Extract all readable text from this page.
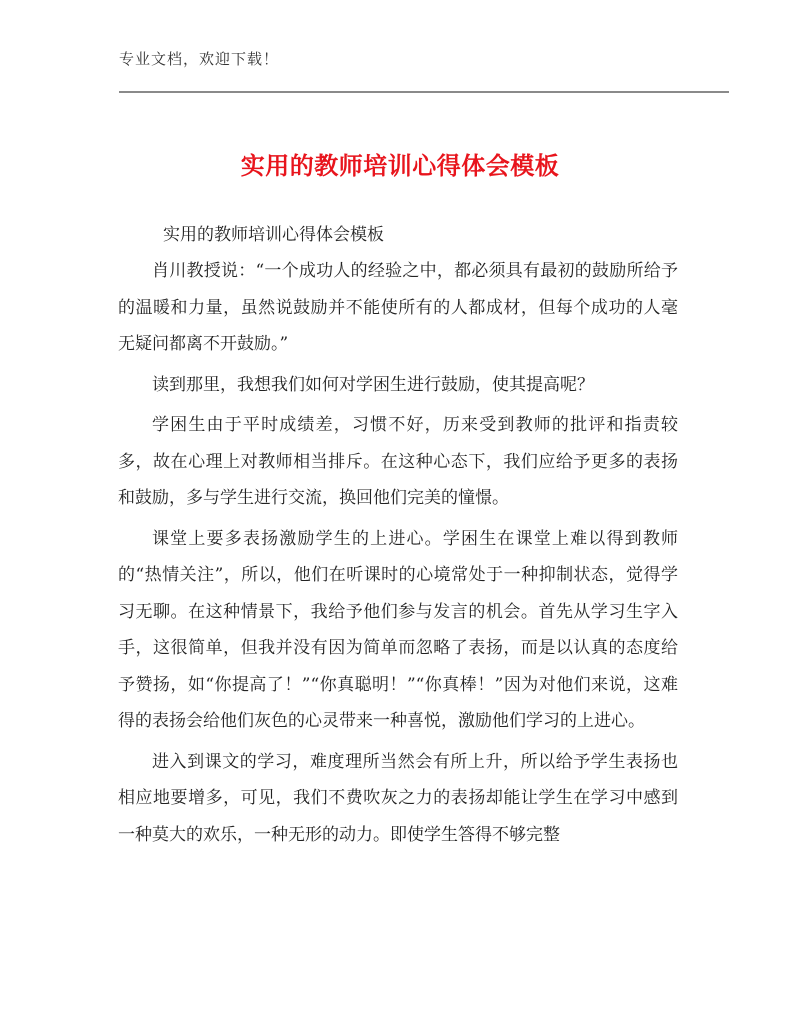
专业文档，欢迎下载！
实用的教师培训心得体会模板
实用的教师培训心得体会模板

肖川教授说：“一个成功人的经验之中，都必须具有最初的鼓励所给予的温暖和力量，虽然说鼓励并不能使所有的人都成材，但每个成功的人毫无疑问都离不开鼓励。”

读到那里，我想我们如何对学困生进行鼓励，使其提高呢？

学困生由于平时成绩差，习惯不好，历来受到教师的批评和指责较多，故在心理上对教师相当排斥。在这种心态下，我们应给予更多的表扬和鼓励，多与学生进行交流，换回他们完美的憧憬。

课堂上要多表扬激励学生的上进心。学困生在课堂上难以得到教师的“热情关注”，所以，他们在听课时的心境常处于一种抑制状态，觉得学习无聊。在这种情景下，我给予他们参与发言的机会。首先从学习生字入手，这很简单，但我并没有因为简单而忽略了表扬，而是以认真的态度给予赞扬，如“你提高了！”“你真聪明！”“你真棒！”因为对他们来说，这难得的表扬会给他们灰色的心灵带来一种喜悦，激励他们学习的上进心。

进入到课文的学习，难度理所当然会有所上升，所以给予学生表扬也相应地要增多，可见，我们不费吹灰之力的表扬却能让学生在学习中感到一种莫大的欢乐，一种无形的动力。即使学生答得不够完整
